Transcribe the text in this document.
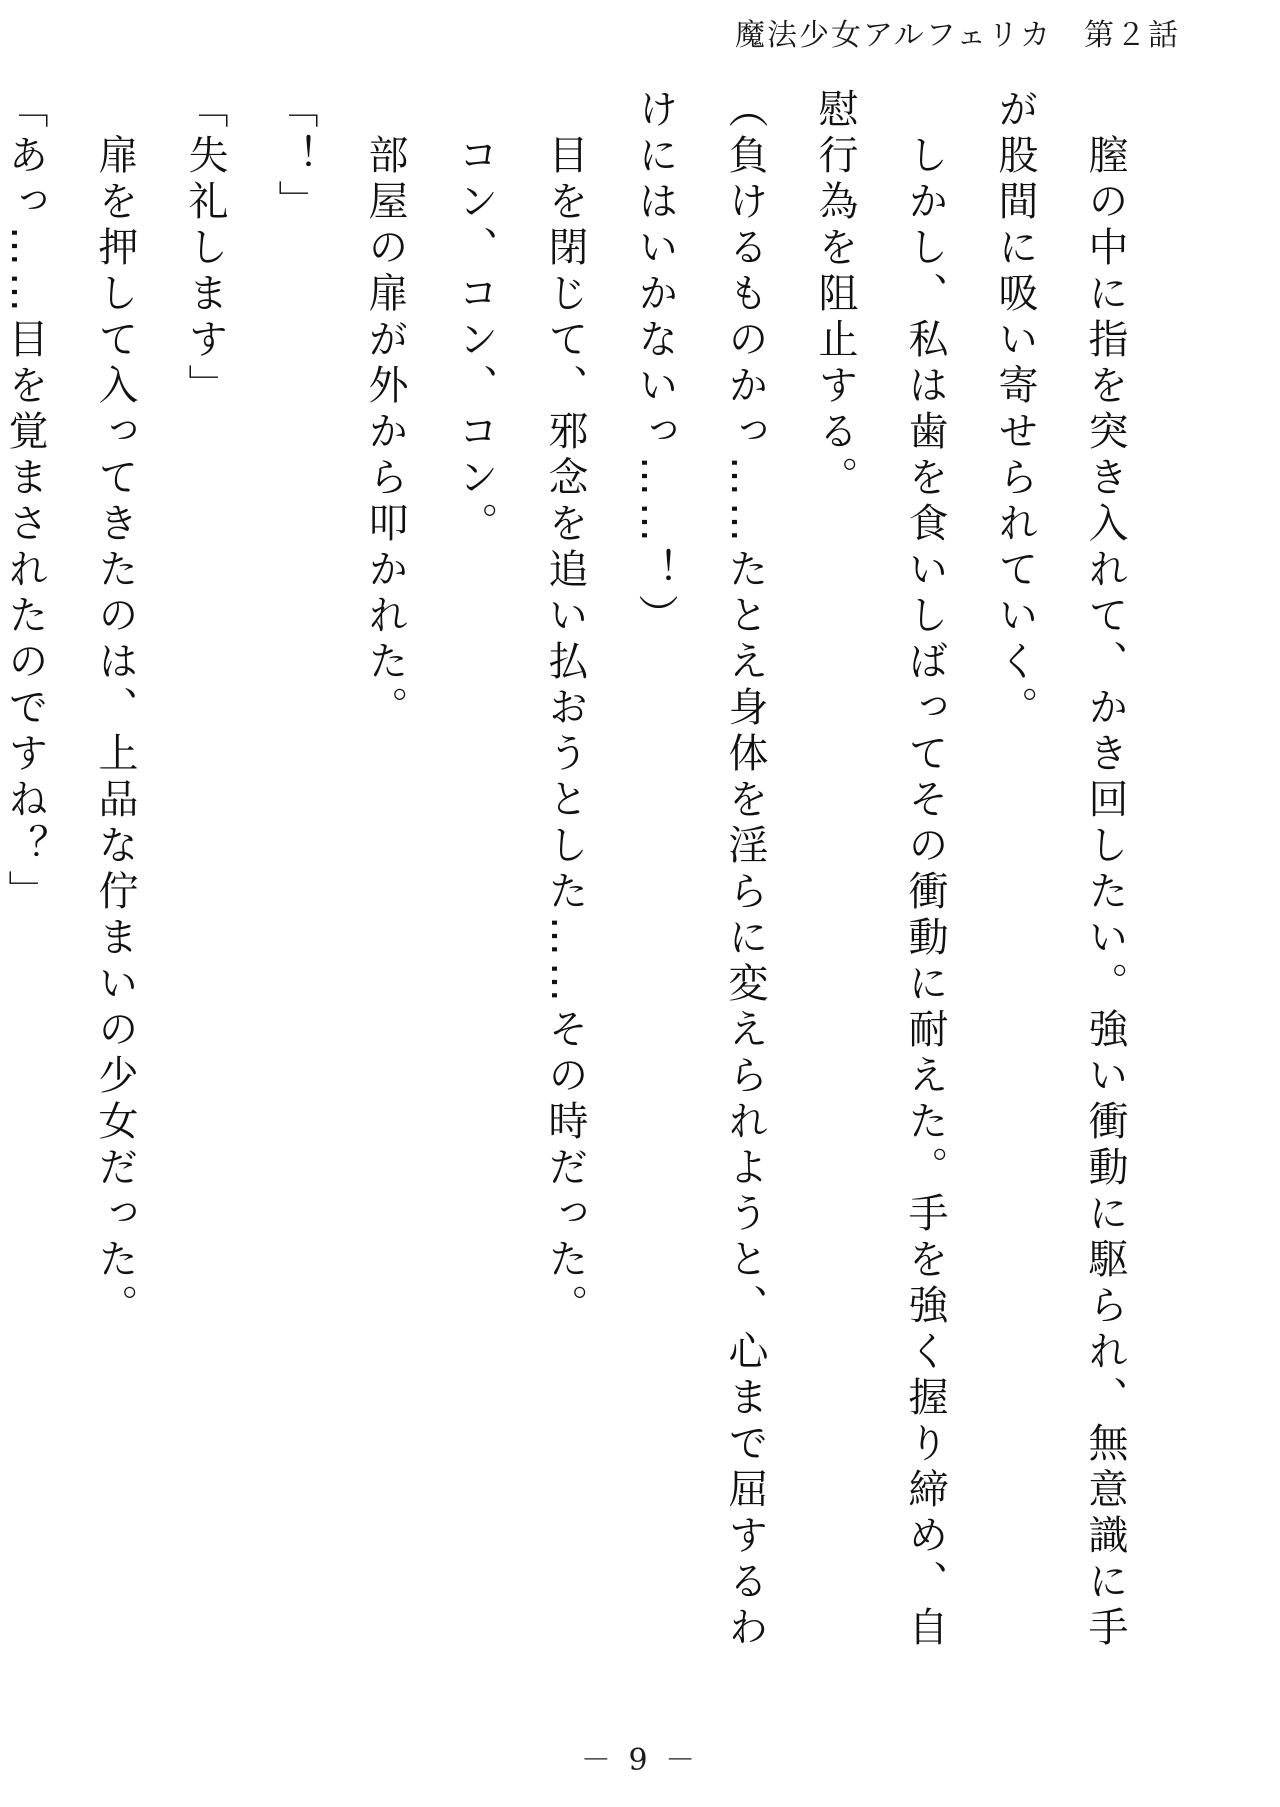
魔法少女アルフェリカ　第２話

　膣の中に指を突き入れて、かき回したい。強い衝動に駆られ、無意識に手が股間に吸い寄せられていく。

　しかし、私は歯を食いしばってその衝動に耐えた。手を強く握り締め、自慰行為を阻止する。

（負けるものかっ……たとえ身体を淫らに変えられようと、心まで屈するわけにはいかないっ……！）

　目を閉じて、邪念を追い払おうとした……その時だった。

　コン、コン、コン。

　部屋の扉が外から叩かれた。

「！」

「失礼します」

　扉を押して入ってきたのは、上品な佇まいの少女だった。

「あっ……目を覚まされたのですね？」

－ 9 －
